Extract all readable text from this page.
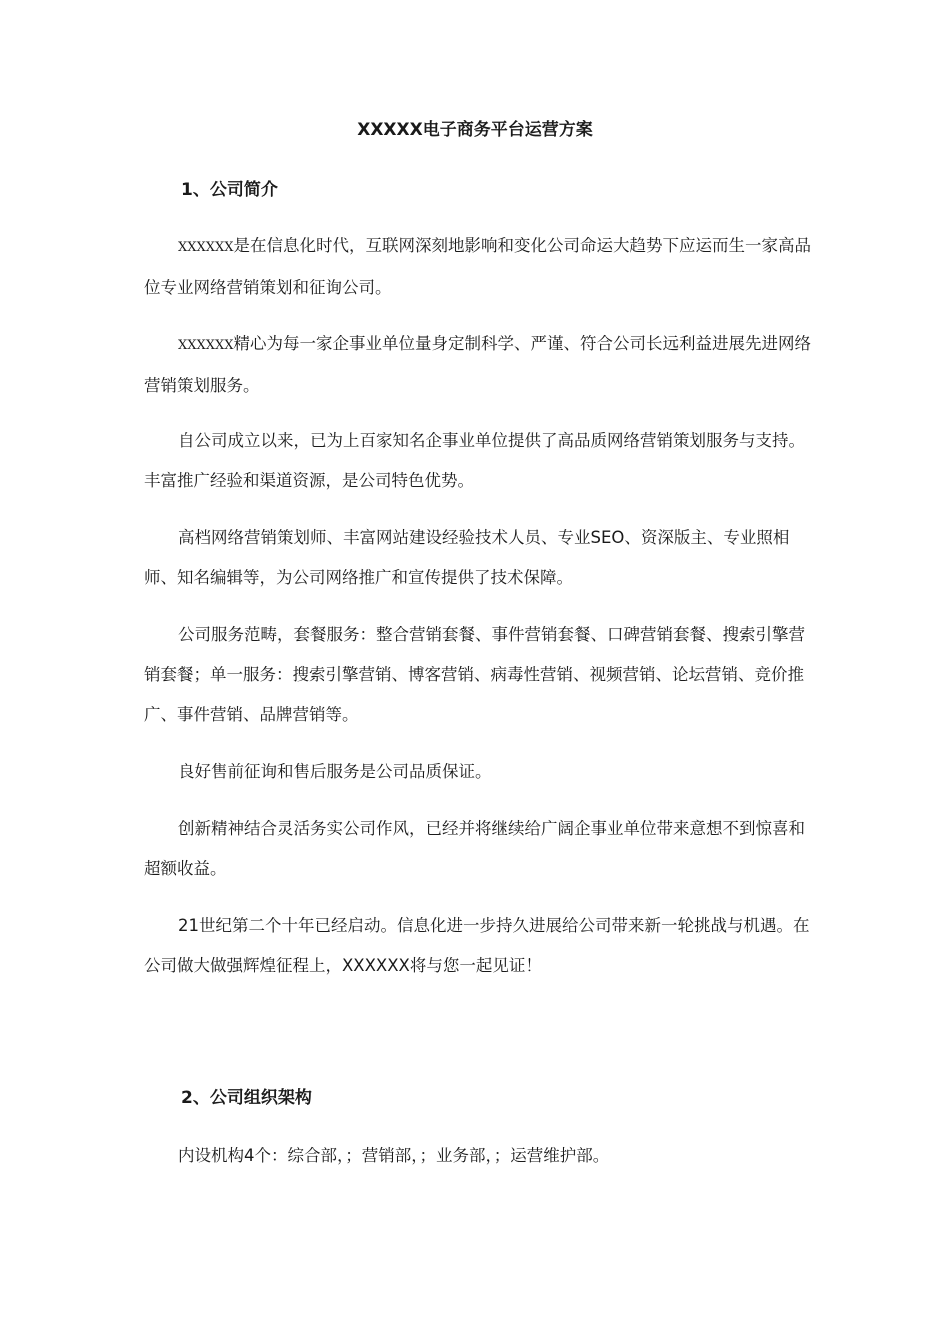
XXXXX电子商务平台运营方案
1、公司简介

XXXXXX是在信息化时代，互联网深刻地影响和变化公司命运大趋势下应运而生一家高品位专业网络营销策划和征询公司。

XXXXXX精心为每一家企事业单位量身定制科学、严谨、符合公司长远利益进展先进网络营销策划服务。

自公司成立以来，已为上百家知名企事业单位提供了高品质网络营销策划服务与支持。丰富推广经验和渠道资源，是公司特色优势。

高档网络营销策划师、丰富网站建设经验技术人员、专业SEO、资深版主、专业照相师、知名编辑等，为公司网络推广和宣传提供了技术保障。

公司服务范畴，套餐服务：整合营销套餐、事件营销套餐、口碑营销套餐、搜索引擎营销套餐；单一服务：搜索引擎营销、博客营销、病毒性营销、视频营销、论坛营销、竞价推广、事件营销、品牌营销等。

良好售前征询和售后服务是公司品质保证。

创新精神结合灵活务实公司作风，已经并将继续给广阔企事业单位带来意想不到惊喜和超额收益。

21世纪第二个十年已经启动。信息化进一步持久进展给公司带来新一轮挑战与机遇。在公司做大做强辉煌征程上，XXXXXX将与您一起见证！

2、公司组织架构

内设机构4个：综合部，；营销部，；业务部，；运营维护部。
